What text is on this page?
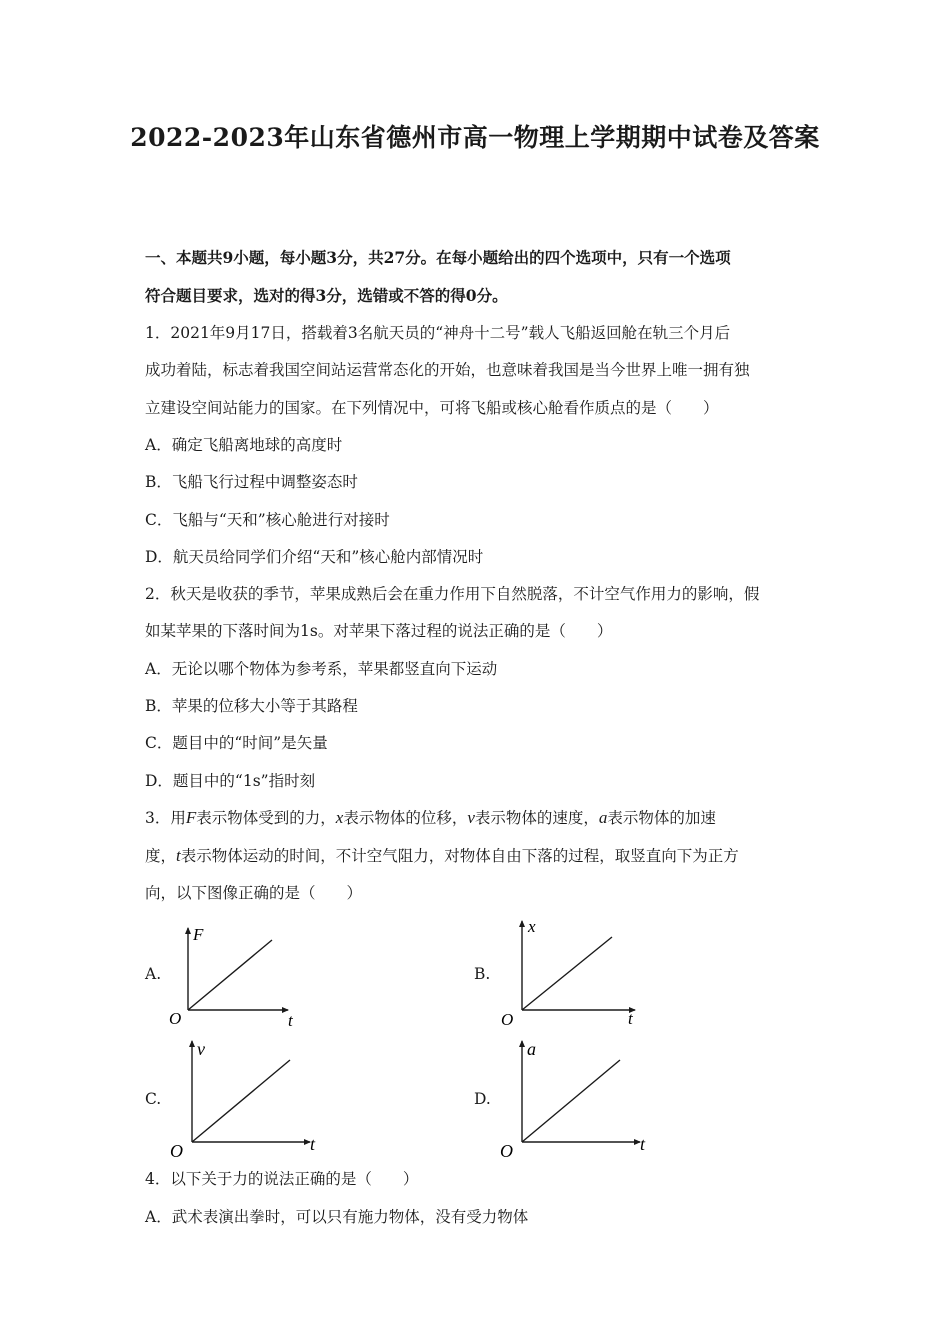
2022-2023年山东省德州市高一物理上学期期中试卷及答案

一、本题共9小题，每小题3分，共27分。在每小题给出的四个选项中，只有一个选项

符合题目要求，选对的得3分，选错或不答的得0分。

1．2021年9月17日，搭载着3名航天员的“神舟十二号”载人飞船返回舱在轨三个月后

成功着陆，标志着我国空间站运营常态化的开始，也意味着我国是当今世界上唯一拥有独

立建设空间站能力的国家。在下列情况中，可将飞船或核心舱看作质点的是（　　）

A．确定飞船离地球的高度时

B．飞船飞行过程中调整姿态时

C．飞船与“天和”核心舱进行对接时

D．航天员给同学们介绍“天和”核心舱内部情况时

2．秋天是收获的季节，苹果成熟后会在重力作用下自然脱落，不计空气作用力的影响，假

如某苹果的下落时间为1s。对苹果下落过程的说法正确的是（　　）

A．无论以哪个物体为参考系，苹果都竖直向下运动

B．苹果的位移大小等于其路程

C．题目中的“时间”是矢量

D．题目中的“1s”指时刻

3．用F表示物体受到的力，x表示物体的位移，v表示物体的速度，a表示物体的加速

度，t表示物体运动的时间，不计空气阻力，对物体自由下落的过程，取竖直向下为正方

向，以下图像正确的是（　　）

A.
F
t
O
B.
x
t
O
C.
v
t
O
D.
a
t
O

4．以下关于力的说法正确的是（　　）

A．武术表演出拳时，可以只有施力物体，没有受力物体
